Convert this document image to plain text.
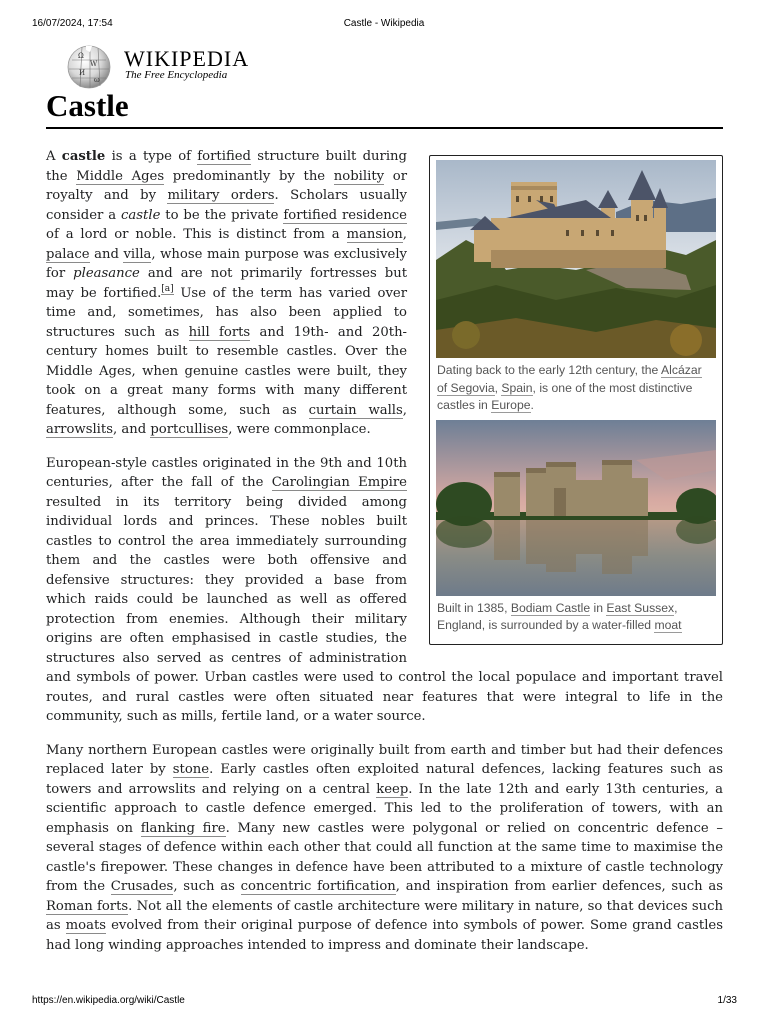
16/07/2024, 17:54	Castle - Wikipedia
Ω
W
И
ω
WIKIPEDIA
The Free Encyclopedia
Castle
Dating back to the early 12th century, the Alcázar of Segovia, Spain, is one of the most distinctive castles in Europe.
Built in 1385, Bodiam Castle in East Sussex, England, is surrounded by a water-filled moat

A castle is a type of fortified structure built during the Middle Ages predominantly by the nobility or royalty and by military orders. Scholars usually consider a castle to be the private fortified residence of a lord or noble. This is distinct from a mansion, palace and villa, whose main purpose was exclusively for pleasance and are not primarily fortresses but may be fortified.[a] Use of the term has varied over time and, sometimes, has also been applied to structures such as hill forts and 19th- and 20th-century homes built to resemble castles. Over the Middle Ages, when genuine castles were built, they took on a great many forms with many different features, although some, such as curtain walls, arrowslits, and portcullises, were commonplace.

European-style castles originated in the 9th and 10th centuries, after the fall of the Carolingian Empire resulted in its territory being divided among individual lords and princes. These nobles built castles to control the area immediately surrounding them and the castles were both offensive and defensive structures: they provided a base from which raids could be launched as well as offered protection from enemies. Although their military origins are often emphasised in castle studies, the structures also served as centres of administration and symbols of power. Urban castles were used to control the local populace and important travel routes, and rural castles were often situated near features that were integral to life in the community, such as mills, fertile land, or a water source.

Many northern European castles were originally built from earth and timber but had their defences replaced later by stone. Early castles often exploited natural defences, lacking features such as towers and arrowslits and relying on a central keep. In the late 12th and early 13th centuries, a scientific approach to castle defence emerged. This led to the proliferation of towers, with an emphasis on flanking fire. Many new castles were polygonal or relied on concentric defence – several stages of defence within each other that could all function at the same time to maximise the castle's firepower. These changes in defence have been attributed to a mixture of castle technology from the Crusades, such as concentric fortification, and inspiration from earlier defences, such as Roman forts. Not all the elements of castle architecture were military in nature, so that devices such as moats evolved from their original purpose of defence into symbols of power. Some grand castles had long winding approaches intended to impress and dominate their landscape.

https://en.wikipedia.org/wiki/Castle	1/33
